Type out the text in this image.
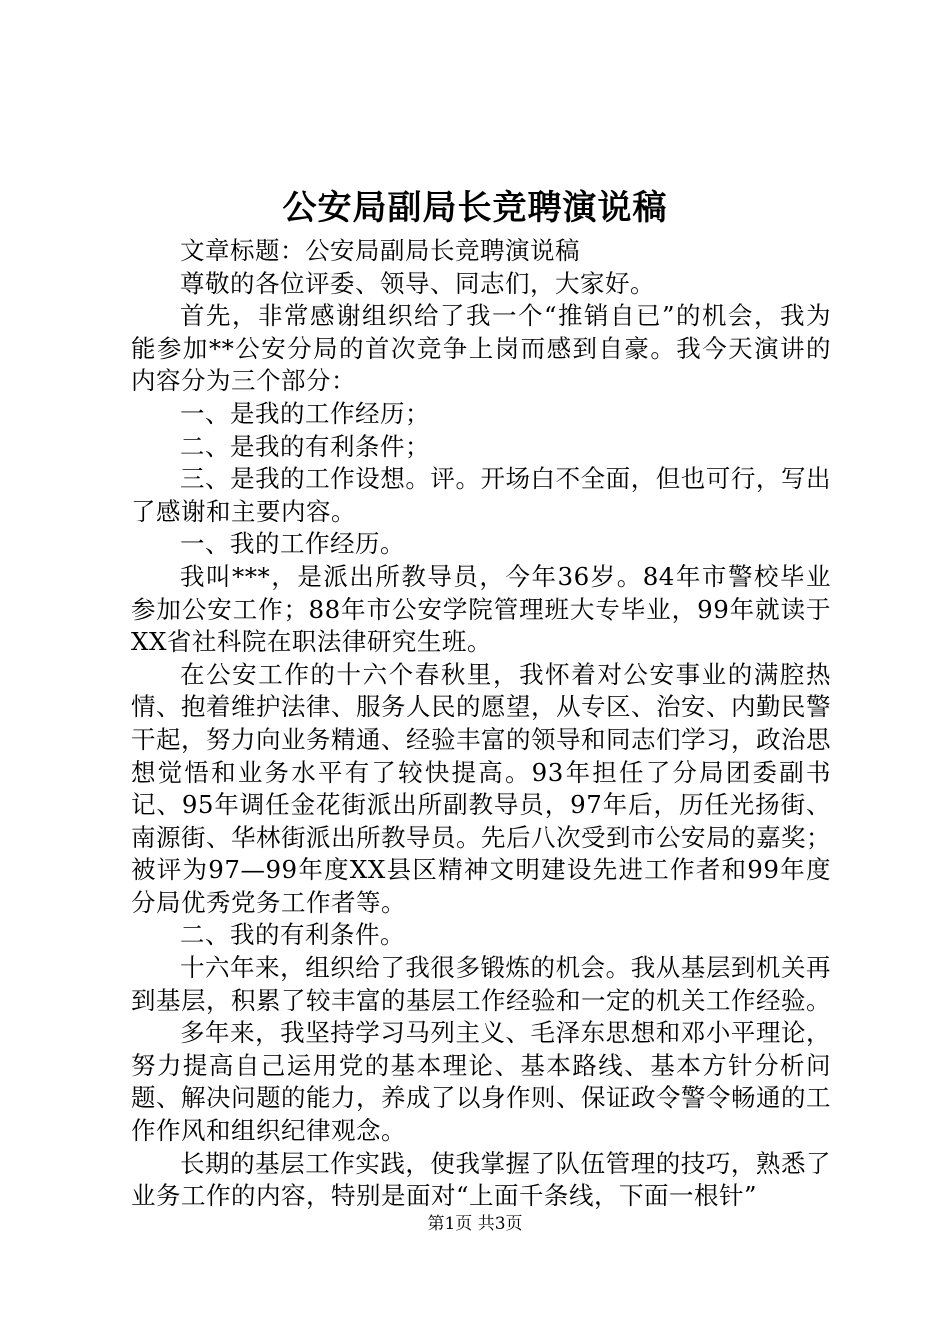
公安局副局长竞聘演说稿

文章标题：公安局副局长竞聘演说稿

尊敬的各位评委、领导、同志们，大家好。

首先，非常感谢组织给了我一个“推销自已”的机会，我为能参加**公安分局的首次竞争上岗而感到自豪。我今天演讲的内容分为三个部分：

一、是我的工作经历；

二、是我的有利条件；

三、是我的工作设想。评。开场白不全面，但也可行，写出了感谢和主要内容。

一、我的工作经历。

我叫***，是派出所教导员，今年36岁。84年市警校毕业参加公安工作；88年市公安学院管理班大专毕业，99年就读于XX省社科院在职法律研究生班。

在公安工作的十六个春秋里，我怀着对公安事业的满腔热情、抱着维护法律、服务人民的愿望，从专区、治安、内勤民警干起，努力向业务精通、经验丰富的领导和同志们学习，政治思想觉悟和业务水平有了较快提高。93年担任了分局团委副书记、95年调任金花街派出所副教导员，97年后，历任光扬街、南源街、华林街派出所教导员。先后八次受到市公安局的嘉奖；被评为97—99年度XX县区精神文明建设先进工作者和99年度分局优秀党务工作者等。

二、我的有利条件。

十六年来，组织给了我很多锻炼的机会。我从基层到机关再到基层，积累了较丰富的基层工作经验和一定的机关工作经验。

多年来，我坚持学习马列主义、毛泽东思想和邓小平理论，努力提高自己运用党的基本理论、基本路线、基本方针分析问题、解决问题的能力，养成了以身作则、保证政令警令畅通的工作作风和组织纪律观念。

长期的基层工作实践，使我掌握了队伍管理的技巧，熟悉了业务工作的内容，特别是面对“上面千条线，下面一根针”

第1页 共3页
